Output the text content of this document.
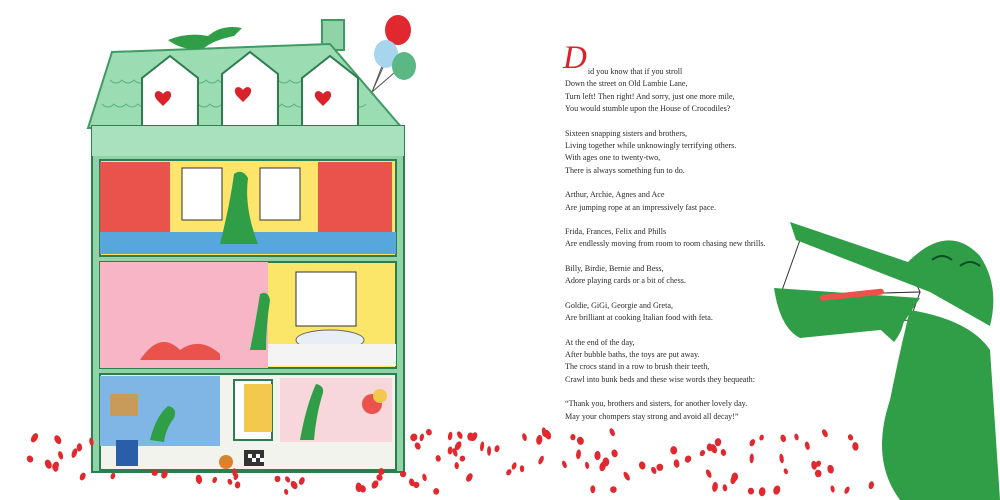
D id you know that if you stroll

Down the street on Old Lambie Lane,

Turn left! Then right! And sorry, just one more mile,

You would stumble upon the House of Crocodiles?

Sixteen snapping sisters and brothers,

Living together while unknowingly terrifying others.

With ages one to twenty-two,

There is always something fun to do.

Arthur, Archie, Agnes and Ace

Are jumping rope at an impressively fast pace.

Frida, Frances, Felix and Phills

Are endlessly moving from room to room chasing new thrills.

Billy, Birdie, Bernie and Bess,

Adore playing cards or a bit of chess.

Goldie, GiGi, Georgie and Greta,

Are brilliant at cooking Italian food with feta.

At the end of the day,

After bubble baths, the toys are put away.

The crocs stand in a row to brush their teeth,

Crawl into bunk beds and these wise words they bequeath:

“Thank you, brothers and sisters, for another lovely day.

May your chompers stay strong and avoid all decay!”
